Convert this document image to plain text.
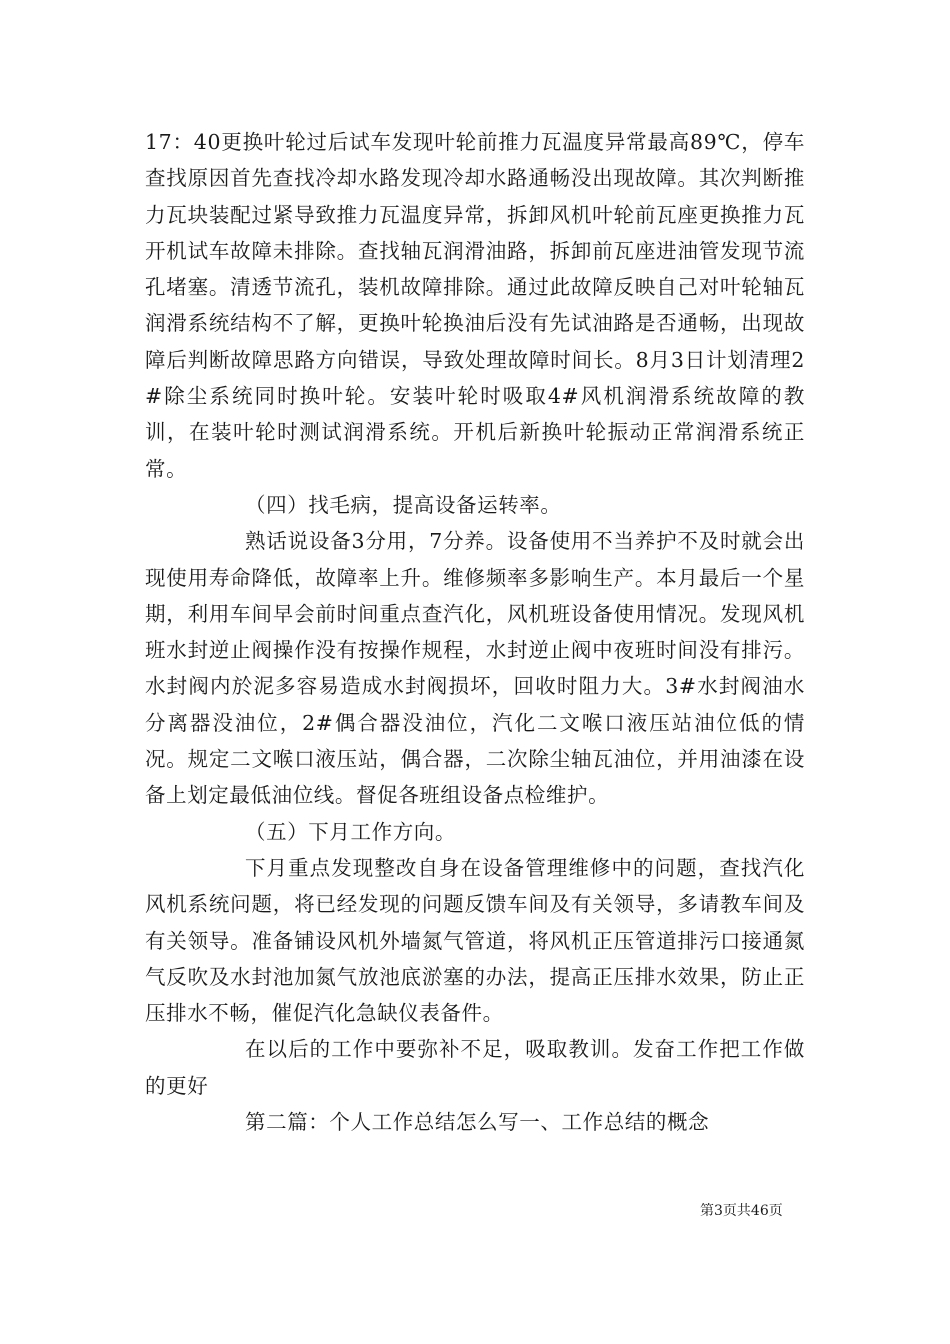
17：40更换叶轮过后试车发现叶轮前推力瓦温度异常最高89℃，停车查找原因首先查找冷却水路发现冷却水路通畅没出现故障。其次判断推力瓦块装配过紧导致推力瓦温度异常，拆卸风机叶轮前瓦座更换推力瓦开机试车故障未排除。查找轴瓦润滑油路，拆卸前瓦座进油管发现节流孔堵塞。清透节流孔，装机故障排除。通过此故障反映自己对叶轮轴瓦润滑系统结构不了解，更换叶轮换油后没有先试油路是否通畅，出现故障后判断故障思路方向错误，导致处理故障时间长。8月3日计划清理2#除尘系统同时换叶轮。安装叶轮时吸取4#风机润滑系统故障的教训，在装叶轮时测试润滑系统。开机后新换叶轮振动正常润滑系统正常。

（四）找毛病，提高设备运转率。

熟话说设备3分用，7分养。设备使用不当养护不及时就会出现使用寿命降低，故障率上升。维修频率多影响生产。本月最后一个星期，利用车间早会前时间重点查汽化，风机班设备使用情况。发现风机班水封逆止阀操作没有按操作规程，水封逆止阀中夜班时间没有排污。水封阀内於泥多容易造成水封阀损坏，回收时阻力大。3#水封阀油水分离器没油位，2#偶合器没油位，汽化二文喉口液压站油位低的情况。规定二文喉口液压站，偶合器，二次除尘轴瓦油位，并用油漆在设备上划定最低油位线。督促各班组设备点检维护。

（五）下月工作方向。

下月重点发现整改自身在设备管理维修中的问题，查找汽化风机系统问题，将已经发现的问题反馈车间及有关领导，多请教车间及有关领导。准备铺设风机外墙氮气管道，将风机正压管道排污口接通氮气反吹及水封池加氮气放池底淤塞的办法，提高正压排水效果，防止正压排水不畅，催促汽化急缺仪表备件。

在以后的工作中要弥补不足，吸取教训。发奋工作把工作做的更好

第二篇：个人工作总结怎么写一、工作总结的概念

第3页共46页
